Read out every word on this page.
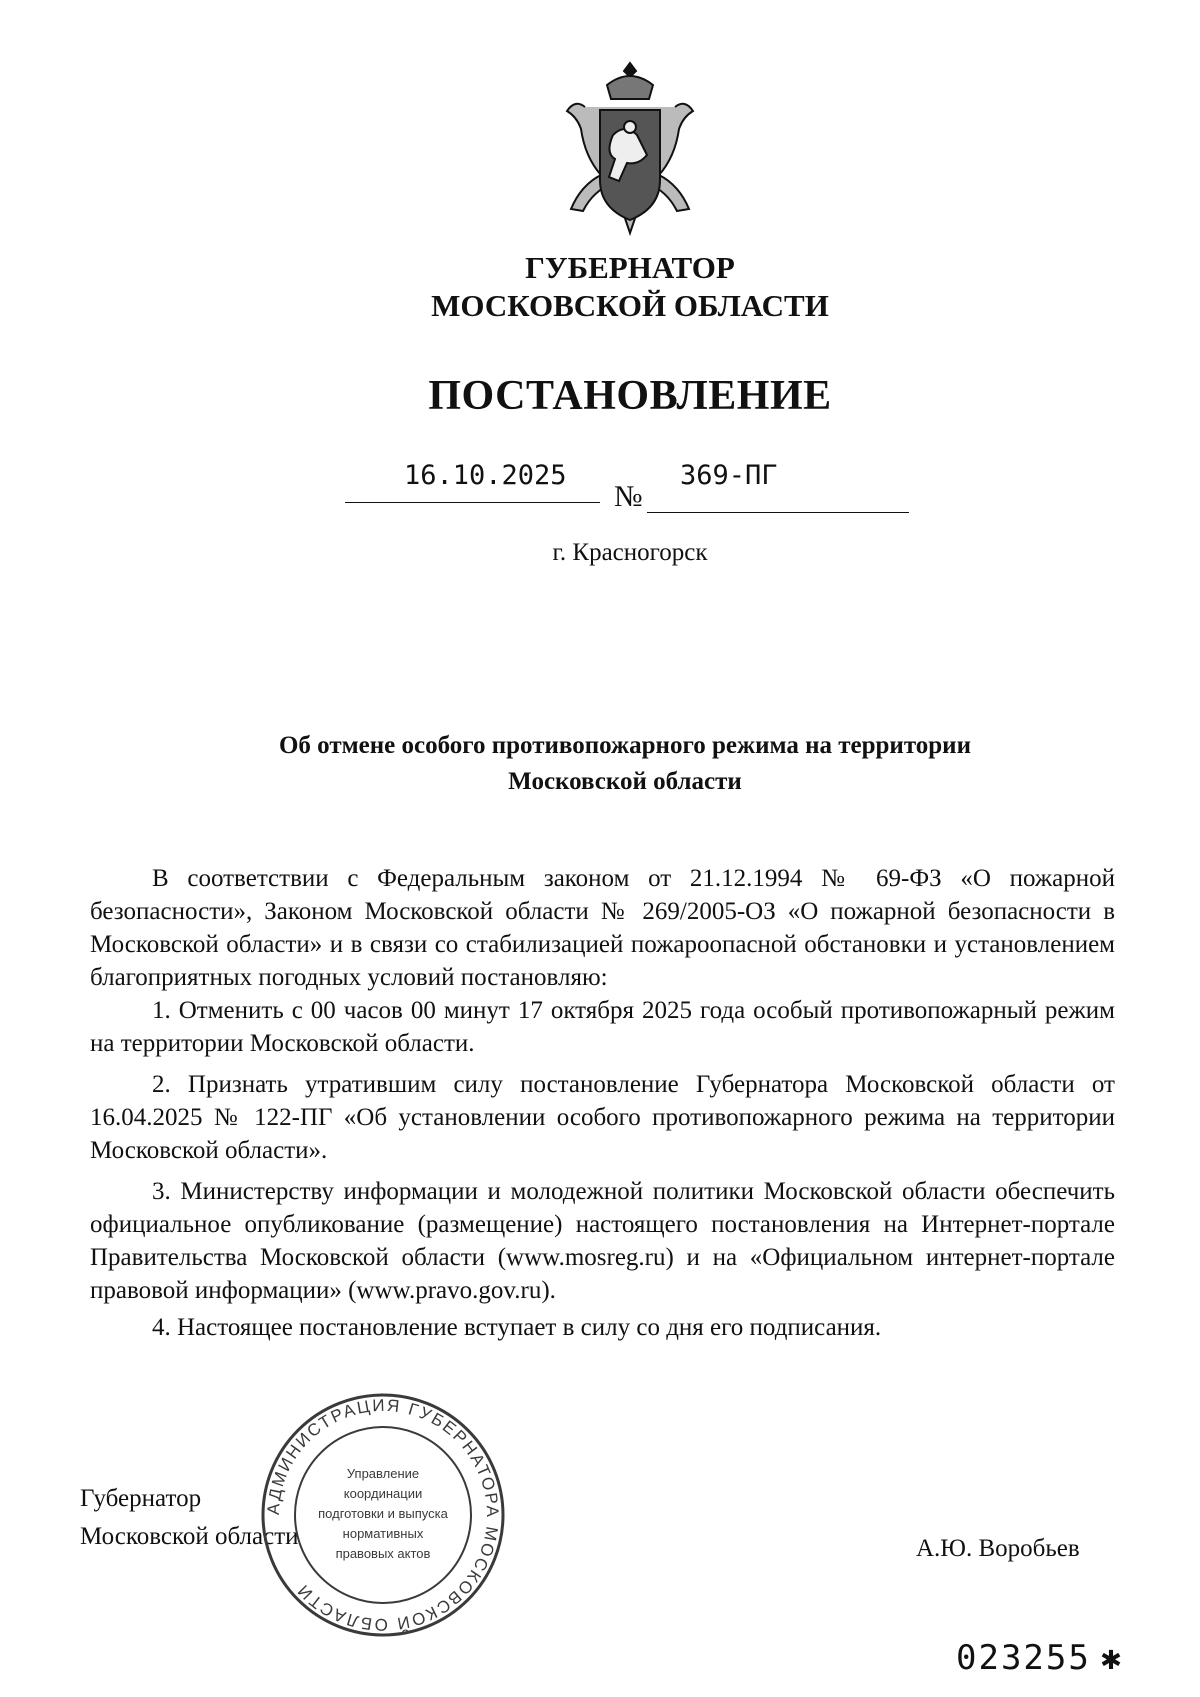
ГУБЕРНАТОР
МОСКОВСКОЙ ОБЛАСТИ
ПОСТАНОВЛЕНИЕ
16.10.2025
№
369-ПГ
г. Красногорск
Об отмене особого противопожарного режима на территории
Московской области

В соответствии с Федеральным законом от 21.12.1994 № 69-ФЗ «О пожарной безопасности», Законом Московской области № 269/2005-ОЗ «О пожарной безопасности в Московской области» и в связи со стабилизацией пожароопасной обстановки и установлением благоприятных погодных условий постановляю:

1. Отменить с 00 часов 00 минут 17 октября 2025 года особый противопожарный режим на территории Московской области.

2. Признать утратившим силу постановление Губернатора Московской области от 16.04.2025 № 122-ПГ «Об установлении особого противопожарного режима на территории Московской области».

3. Министерству информации и молодежной политики Московской области обеспечить официальное опубликование (размещение) настоящего постановления на Интернет-портале Правительства Московской области (www.mosreg.ru) и на «Официальном интернет-портале правовой информации» (www.pravo.gov.ru).

4. Настоящее постановление вступает в силу со дня его подписания.

Губернатор
Московской области	А.Ю. Воробьев
АДМИНИСТРАЦИЯ ГУБЕРНАТОРА МОСКОВСКОЙ ОБЛАСТИ
Управление
координации
подготовки и выпуска
нормативных
правовых актов
023255 ✱
